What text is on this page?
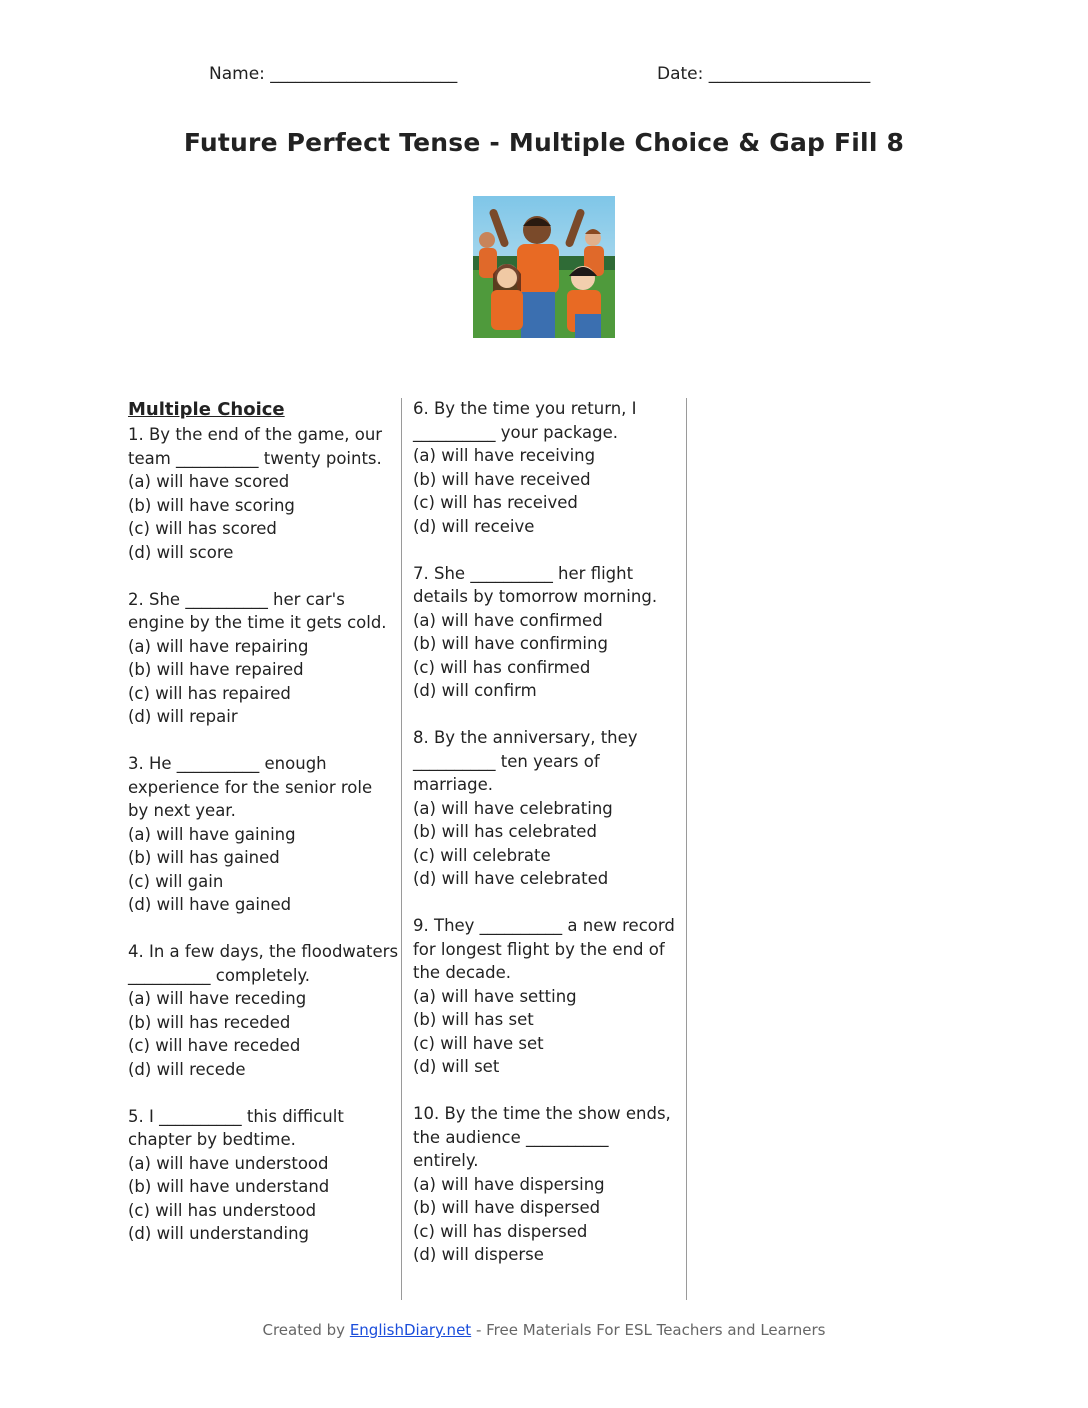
Name: ______________________	Date: ___________________
Future Perfect Tense - Multiple Choice & Gap Fill 8
Multiple Choice
1. By the end of the game, our
team __________ twenty points.
(a) will have scored
(b) will have scoring
(c) will has scored
(d) will score
2. She __________ her car's
engine by the time it gets cold.
(a) will have repairing
(b) will have repaired
(c) will has repaired
(d) will repair
3. He __________ enough
experience for the senior role
by next year.
(a) will have gaining
(b) will has gained
(c) will gain
(d) will have gained
4. In a few days, the floodwaters
__________ completely.
(a) will have receding
(b) will has receded
(c) will have receded
(d) will recede
5. I __________ this difficult
chapter by bedtime.
(a) will have understood
(b) will have understand
(c) will has understood
(d) will understanding
6. By the time you return, I
__________ your package.
(a) will have receiving
(b) will have received
(c) will has received
(d) will receive
7. She __________ her flight
details by tomorrow morning.
(a) will have confirmed
(b) will have confirming
(c) will has confirmed
(d) will confirm
8. By the anniversary, they
__________ ten years of
marriage.
(a) will have celebrating
(b) will has celebrated
(c) will celebrate
(d) will have celebrated
9. They __________ a new record
for longest flight by the end of
the decade.
(a) will have setting
(b) will has set
(c) will have set
(d) will set
10. By the time the show ends,
the audience __________
entirely.
(a) will have dispersing
(b) will have dispersed
(c) will has dispersed
(d) will disperse
Created by EnglishDiary.net - Free Materials For ESL Teachers and Learners
